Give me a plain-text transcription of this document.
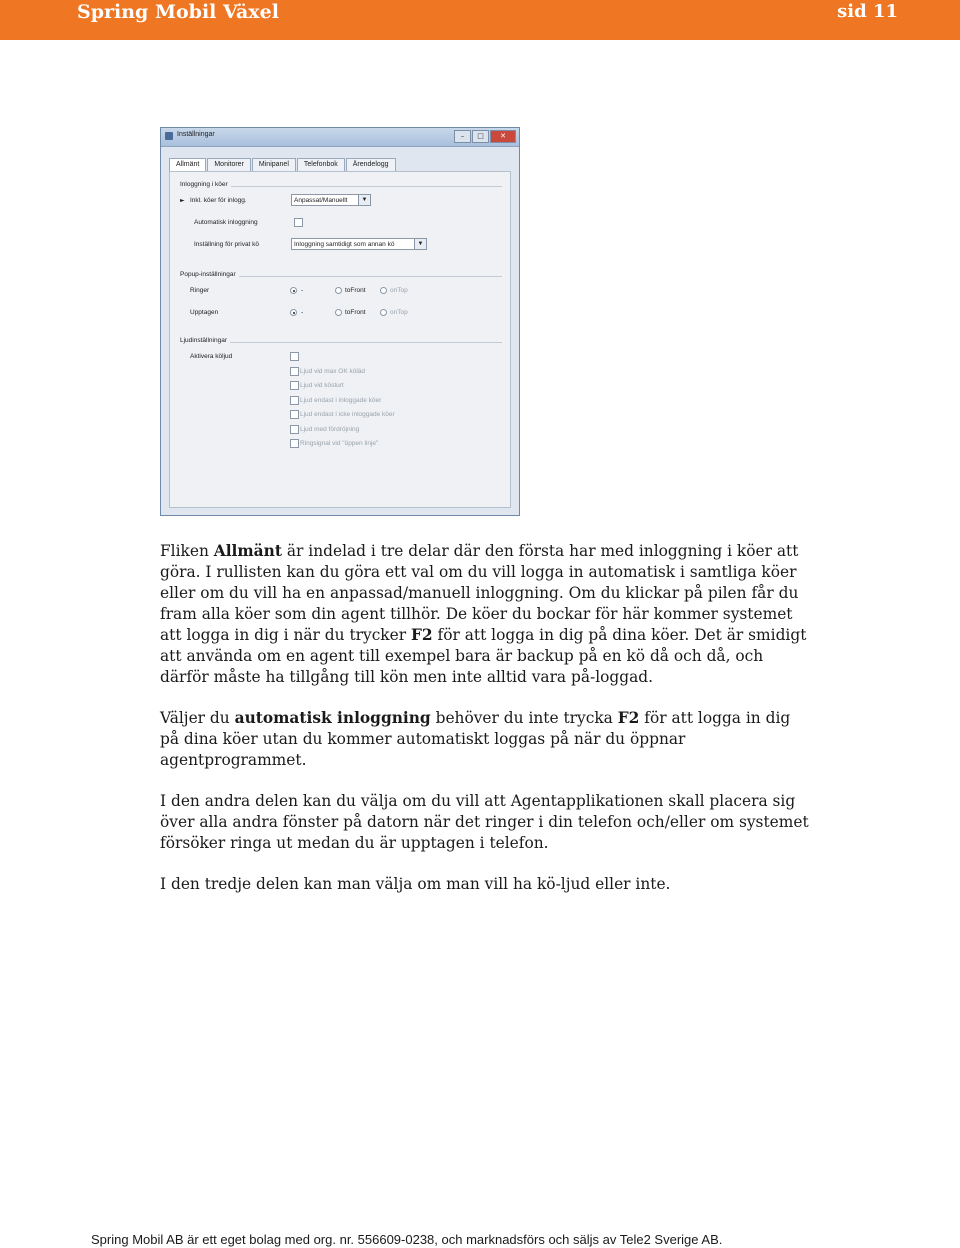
Spring Mobil Växel	sid 11
Inställningar	–	□	✕
Allmänt	Monitorer	Minipanel	Telefonbok	Ärendelogg
Inloggning i köer
► Inkl. köer för inlogg.	Anpassat/Manuellt	▼
Automatisk inloggning
Inställning för privat kö	Inloggning samtidigt som annan kö	▼
Popup-inställningar
Ringer	-	toFront	onTop
Upptagen	-	toFront	onTop
Ljudinställningar
Aktivera köljud
Ljud vid max OK köläd
Ljud vid kösturt
Ljud endast i inloggade köer
Ljud endast i icke inloggade köer
Ljud med fördröjning
Ringsignal vid "öppen linje"

Fliken Allmänt är indelad i tre delar där den första har med inloggning i köer att göra. I rullisten kan du göra ett val om du vill logga in automatisk i samtliga köer eller om du vill ha en anpassad/manuell inloggning. Om du klickar på pilen får du fram alla köer som din agent tillhör. De köer du bockar för här kommer systemet att logga in dig i när du trycker F2 för att logga in dig på dina köer. Det är smidigt att använda om en agent till exempel bara är backup på en kö då och då, och därför måste ha tillgång till kön men inte alltid vara på-loggad.

Väljer du automatisk inloggning behöver du inte trycka F2 för att logga in dig på dina köer utan du kommer automatiskt loggas på när du öppnar agentprogrammet.

I den andra delen kan du välja om du vill att Agentapplikationen skall placera sig över alla andra fönster på datorn när det ringer i din telefon och/eller om systemet försöker ringa ut medan du är upptagen i telefon.

I den tredje delen kan man välja om man vill ha kö-ljud eller inte.

Spring Mobil AB är ett eget bolag med org. nr. 556609-0238, och marknadsförs och säljs av Tele2 Sverige AB.
